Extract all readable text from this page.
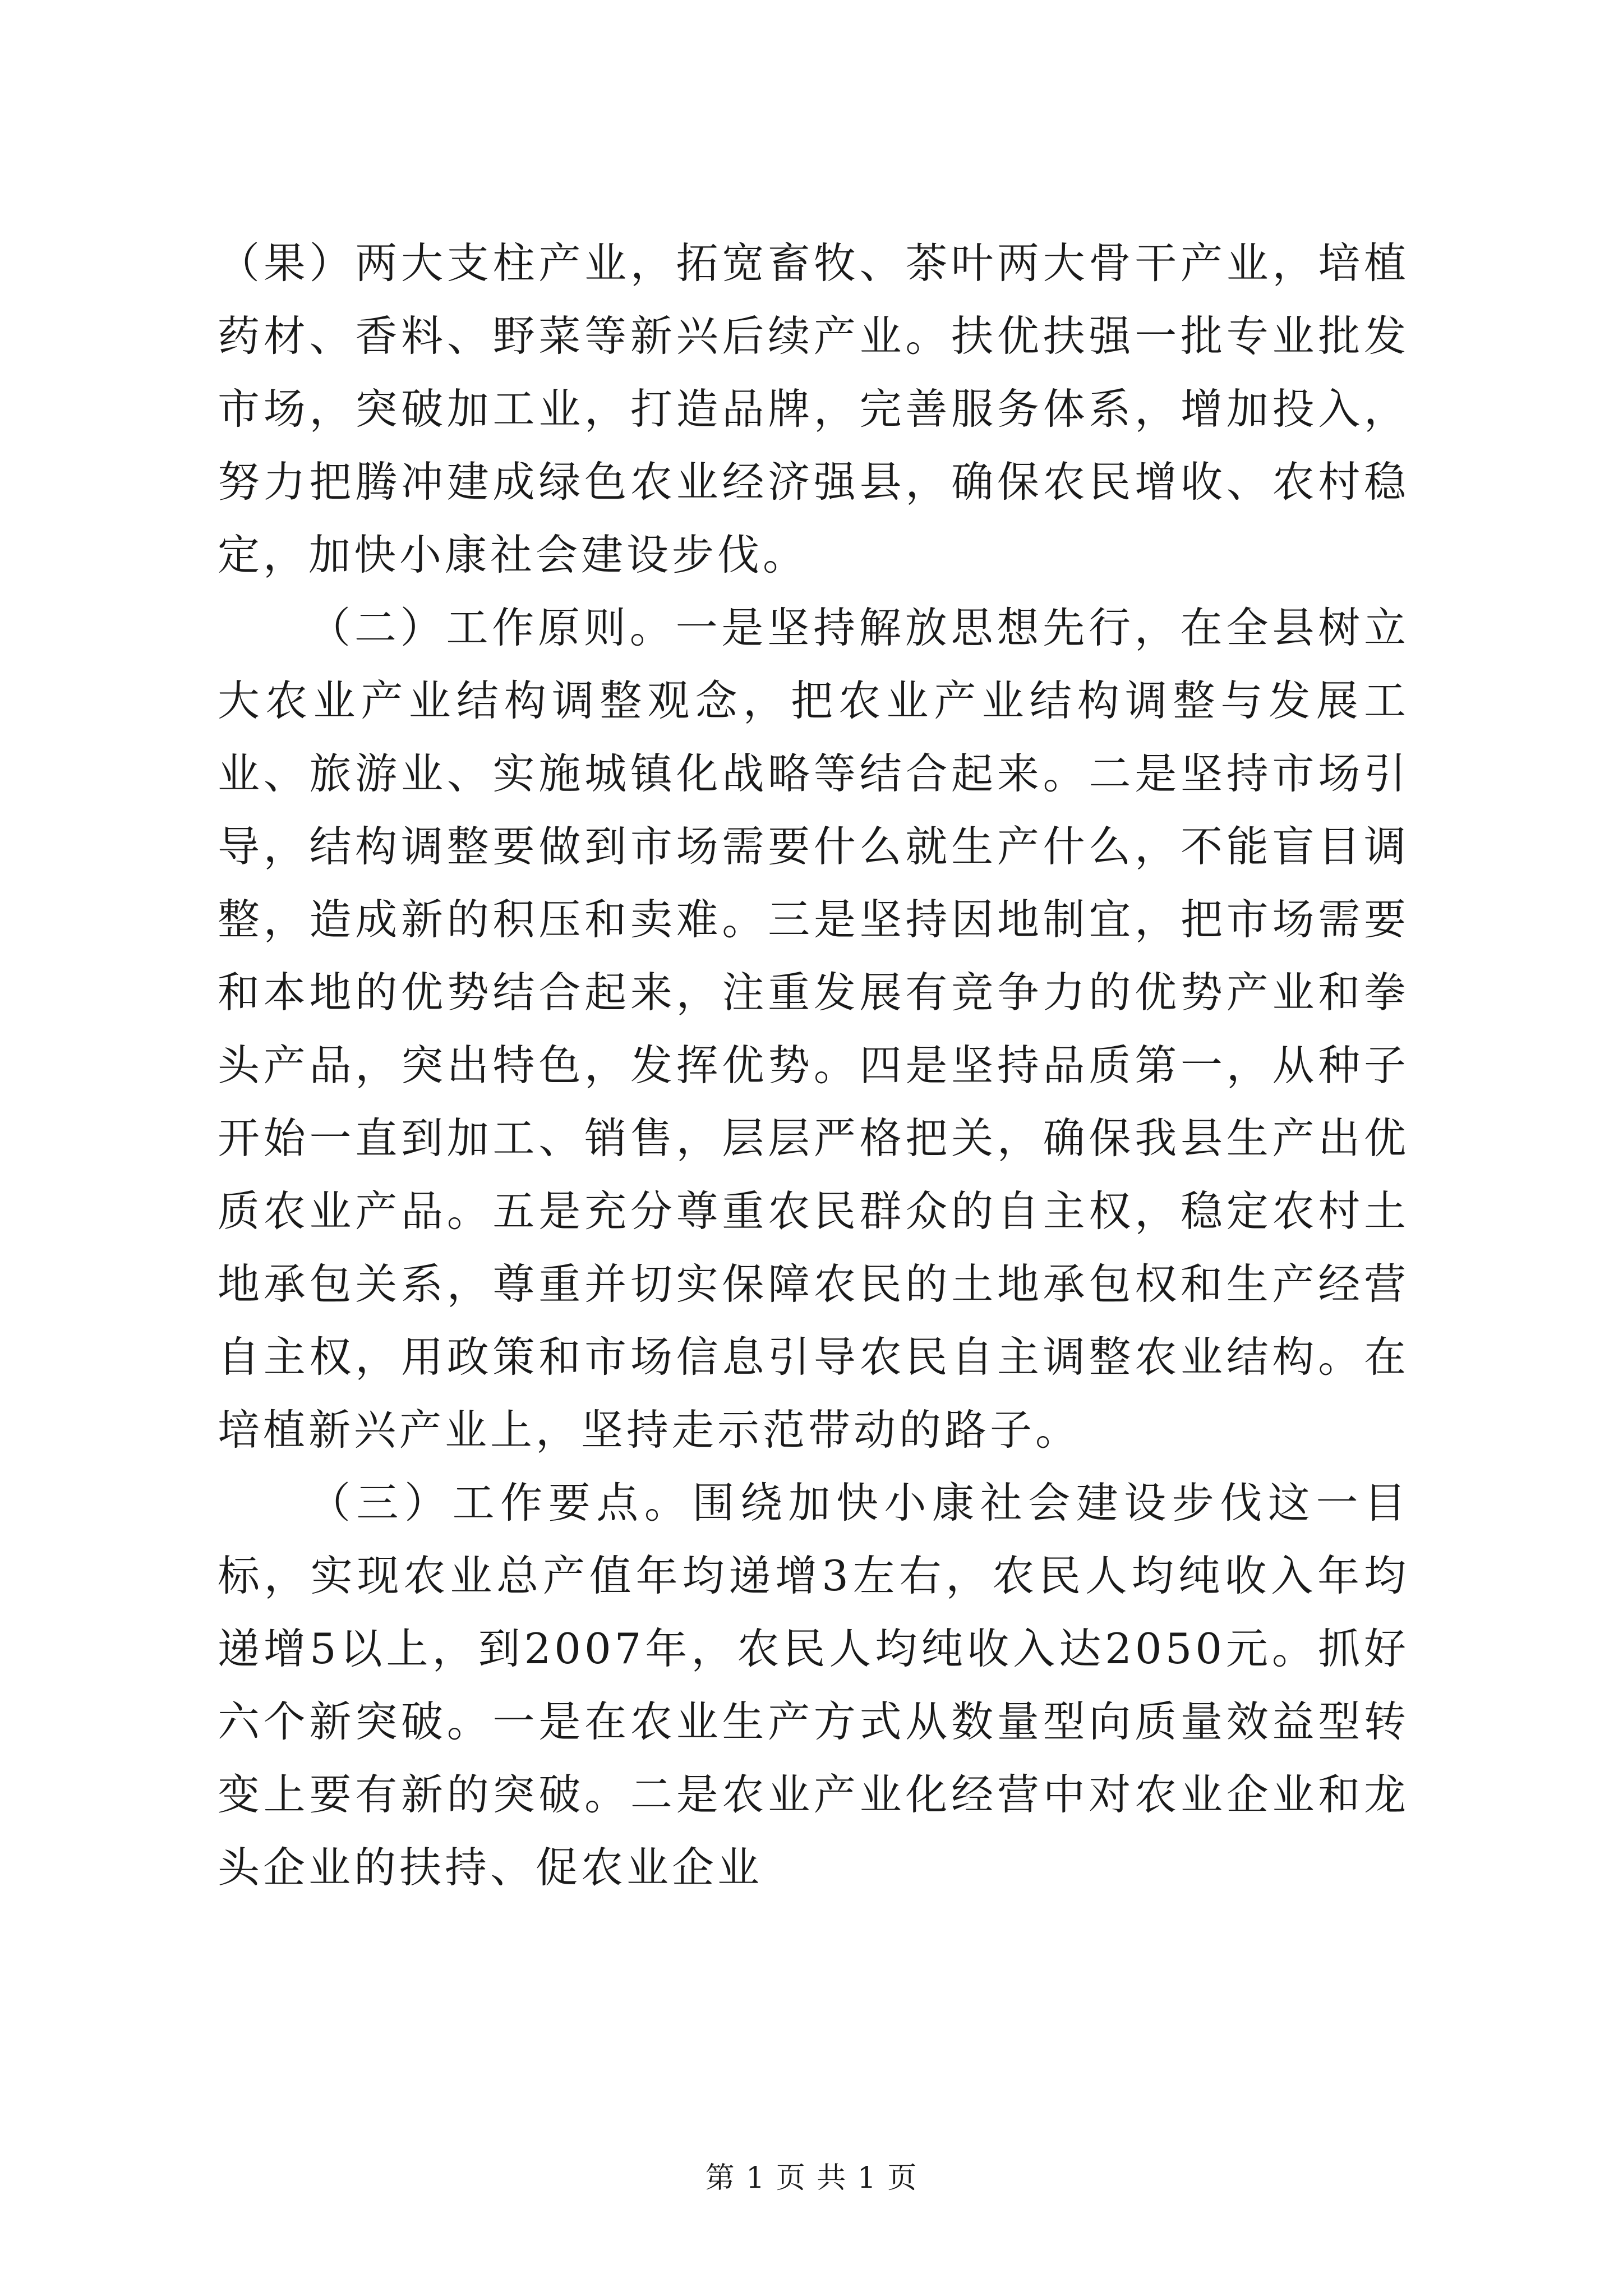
（果）两大支柱产业，拓宽畜牧、茶叶两大骨干产业，培植药材、香料、野菜等新兴后续产业。扶优扶强一批专业批发市场，突破加工业，打造品牌，完善服务体系，增加投入，努力把腾冲建成绿色农业经济强县，确保农民增收、农村稳定，加快小康社会建设步伐。

（二）工作原则。一是坚持解放思想先行，在全县树立大农业产业结构调整观念，把农业产业结构调整与发展工业、旅游业、实施城镇化战略等结合起来。二是坚持市场引导，结构调整要做到市场需要什么就生产什么，不能盲目调整，造成新的积压和卖难。三是坚持因地制宜，把市场需要和本地的优势结合起来，注重发展有竞争力的优势产业和拳头产品，突出特色，发挥优势。四是坚持品质第一，从种子开始一直到加工、销售，层层严格把关，确保我县生产出优质农业产品。五是充分尊重农民群众的自主权，稳定农村土地承包关系，尊重并切实保障农民的土地承包权和生产经营自主权，用政策和市场信息引导农民自主调整农业结构。在培植新兴产业上，坚持走示范带动的路子。

（三）工作要点。围绕加快小康社会建设步伐这一目标，实现农业总产值年均递增3左右，农民人均纯收入年均递增5以上，到2007年，农民人均纯收入达2050元。抓好六个新突破。一是在农业生产方式从数量型向质量效益型转变上要有新的突破。二是农业产业化经营中对农业企业和龙头企业的扶持、促农业企业

第 1 页 共 1 页
